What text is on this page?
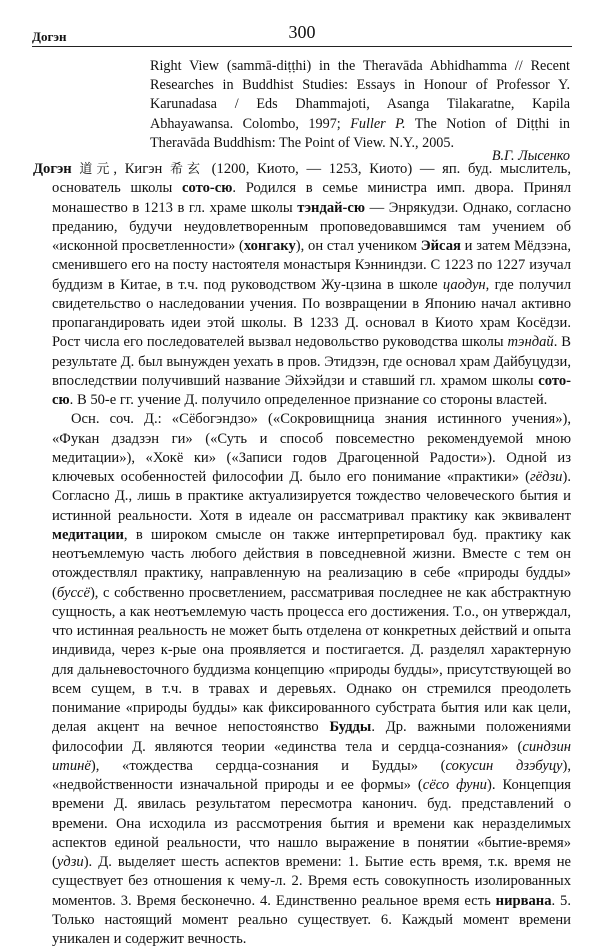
Догэн	300
Right View (sammā-diṭṭhi) in the Theravāda Abhidhamma // Recent Researches in Buddhist Studies: Essays in Honour of Professor Y. Karunadasa / Eds Dhammajoti, Asanga Tilakaratne, Kapila Abhayawansa. Colombo, 1997; Fuller P. The Notion of Diṭṭhi in Theravāda Buddhism: The Point of View. N.Y., 2005.
В.Г. Лысенко

Догэн 道元, Кигэн 希玄 (1200, Киото, — 1253, Киото) — яп. буд. мыслитель, основатель школы сото-сю. Родился в семье министра имп. двора. Принял монашество в 1213 в гл. храме школы тэндай-сю — Энрякудзи. Однако, согласно преданию, будучи неудовлетворенным проповедовавшимся там учением об «исконной просветленности» (хонгаку), он стал учеником Эйсая и затем Мёдзэна, сменившего его на посту настоятеля монастыря Кэнниндзи. С 1223 по 1227 изучал буддизм в Китае, в т.ч. под руководством Жу-цзина в школе цаодун, где получил свидетельство о наследовании учения. По возвращении в Японию начал активно пропагандировать идеи этой школы. В 1233 Д. основал в Киото храм Косёдзи. Рост числа его последователей вызвал недовольство руководства школы тэндай. В результате Д. был вынужден уехать в пров. Этидзэн, где основал храм Дайбуцудзи, впоследствии получивший название Эйхэйдзи и ставший гл. храмом школы сото-сю. В 50-е гг. учение Д. получило определенное признание со стороны властей.

Осн. соч. Д.: «Сёбогэндзо» («Сокровищница знания истинного учения»), «Фукан дзадзэн ги» («Суть и способ повсеместно рекомендуемой мною медитации»), «Хокё ки» («Записи годов Драгоценной Радости»). Одной из ключевых особенностей философии Д. было его понимание «практики» (гёдзи). Согласно Д., лишь в практике актуализируется тождество человеческого бытия и истинной реальности. Хотя в идеале он рассматривал практику как эквивалент медитации, в широком смысле он также интерпретировал буд. практику как неотъемлемую часть любого действия в повседневной жизни. Вместе с тем он отождествлял практику, направленную на реализацию в себе «природы будды» (буссё), с собственно просветлением, рассматривая последнее не как абстрактную сущность, а как неотъемлемую часть процесса его достижения. Т.о., он утверждал, что истинная реальность не может быть отделена от конкретных действий и опыта индивида, через к-рые она проявляется и постигается. Д. разделял характерную для дальневосточного буддизма концепцию «природы будды», присутствующей во всем сущем, в т.ч. в травах и деревьях. Однако он стремился преодолеть понимание «природы будды» как фиксированного субстрата бытия или как цели, делая акцент на вечное непостоянство Будды. Др. важными положениями философии Д. являются теории «единства тела и сердца-сознания» (синдзин итинё), «тождества сердца-сознания и Будды» (сокусин дзэбуцу), «недвойственности изначальной природы и ее формы» (сёсо фуни). Концепция времени Д. явилась результатом пересмотра канонич. буд. представлений о времени. Она исходила из рассмотрения бытия и времени как неразделимых аспектов единой реальности, что нашло выражение в понятии «бытие-время» (удзи). Д. выделяет шесть аспектов времени: 1. Бытие есть время, т.к. время не существует без отношения к чему-л. 2. Время есть совокупность изолированных моментов. 3. Время бесконечно. 4. Единственно реальное время есть нирвана. 5. Только настоящий момент реально существует. 6. Каждый момент времени уникален и содержит вечность.
